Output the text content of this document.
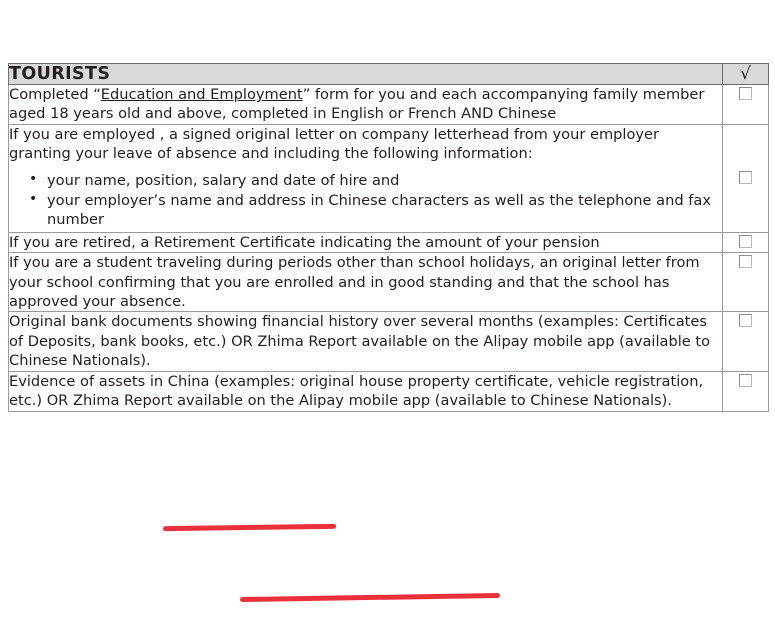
TOURISTS	√
Completed “Education and Employment” form for you and each accompanying family member aged 18 years old and above, completed in English or French AND Chinese	
If you are employed , a signed original letter on company letterhead from your employer granting your leave of absence and including the following information:
• your name, position, salary and date of hire and
• your employer’s name and address in Chinese characters as well as the telephone and fax number

If you are retired, a Retirement Certificate indicating the amount of your pension	
If you are a student traveling during periods other than school holidays, an original letter from your school confirming that you are enrolled and in good standing and that the school has approved your absence.	
Original bank documents showing financial history over several months (examples: Certificates of Deposits, bank books, etc.) OR Zhima Report available on the Alipay mobile app (available to Chinese Nationals).	
Evidence of assets in China (examples: original house property certificate, vehicle registration, etc.) OR Zhima Report available on the Alipay mobile app (available to Chinese Nationals).	
